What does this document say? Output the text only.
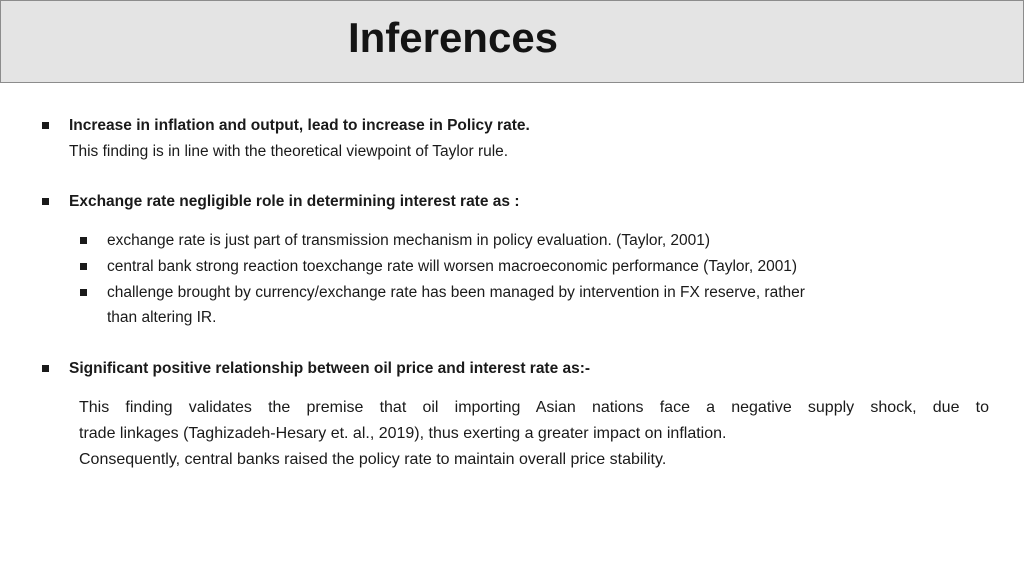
Inferences
Increase in inflation and output, lead to increase in Policy rate.
This finding is in line with the theoretical viewpoint of Taylor rule.
Exchange rate negligible role in determining interest rate as :
exchange rate is just part of transmission mechanism in policy evaluation. (Taylor, 2001)
central bank strong reaction toexchange rate will worsen macroeconomic performance (Taylor, 2001)
challenge brought by currency/exchange rate has been managed by intervention in FX reserve, rather
than altering IR.
Significant positive relationship between oil price and interest rate as:-
This finding validates the premise that oil importing Asian nations face a negative supply shock, due to
trade linkages (Taghizadeh-Hesary et. al., 2019), thus exerting a greater impact on inflation.
Consequently, central banks raised the policy rate to maintain overall price stability.
